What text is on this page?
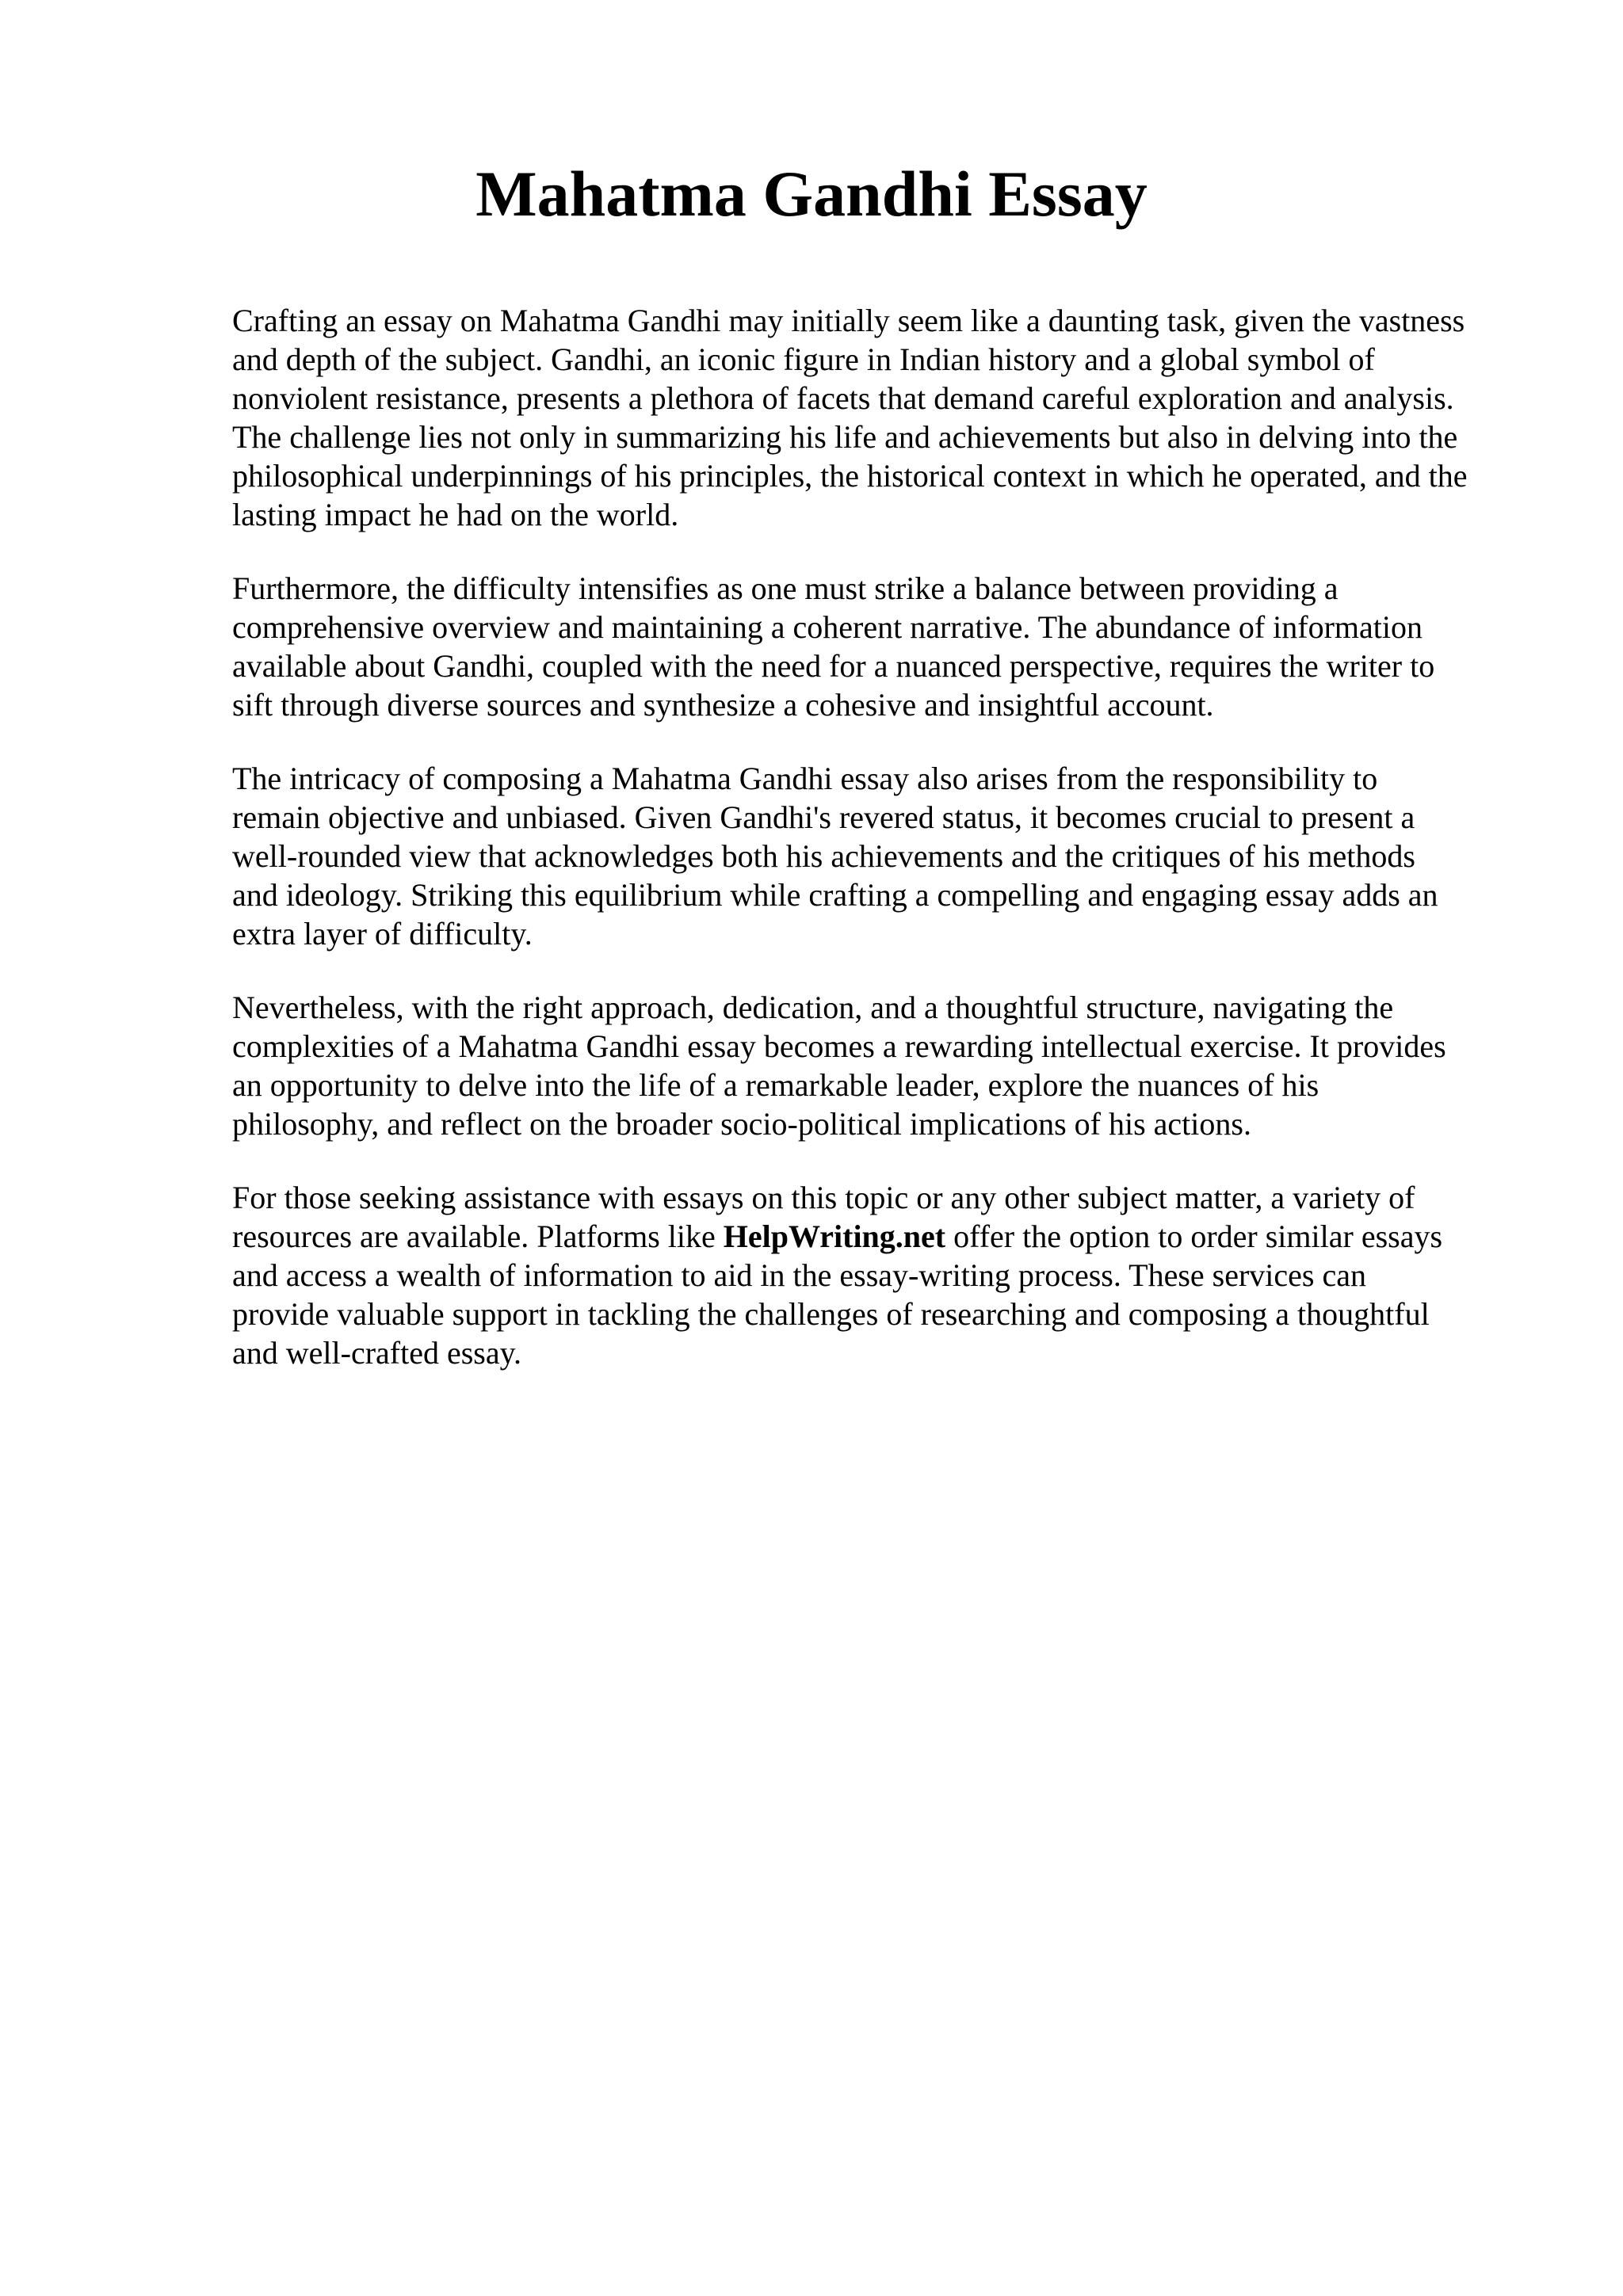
Mahatma Gandhi Essay

Crafting an essay on Mahatma Gandhi may initially seem like a daunting task, given the vastness
and depth of the subject. Gandhi, an iconic figure in Indian history and a global symbol of
nonviolent resistance, presents a plethora of facets that demand careful exploration and analysis.
The challenge lies not only in summarizing his life and achievements but also in delving into the
philosophical underpinnings of his principles, the historical context in which he operated, and the
lasting impact he had on the world.

Furthermore, the difficulty intensifies as one must strike a balance between providing a
comprehensive overview and maintaining a coherent narrative. The abundance of information
available about Gandhi, coupled with the need for a nuanced perspective, requires the writer to
sift through diverse sources and synthesize a cohesive and insightful account.

The intricacy of composing a Mahatma Gandhi essay also arises from the responsibility to
remain objective and unbiased. Given Gandhi's revered status, it becomes crucial to present a
well-rounded view that acknowledges both his achievements and the critiques of his methods
and ideology. Striking this equilibrium while crafting a compelling and engaging essay adds an
extra layer of difficulty.

Nevertheless, with the right approach, dedication, and a thoughtful structure, navigating the
complexities of a Mahatma Gandhi essay becomes a rewarding intellectual exercise. It provides
an opportunity to delve into the life of a remarkable leader, explore the nuances of his
philosophy, and reflect on the broader socio-political implications of his actions.

For those seeking assistance with essays on this topic or any other subject matter, a variety of
resources are available. Platforms like HelpWriting.net offer the option to order similar essays
and access a wealth of information to aid in the essay-writing process. These services can
provide valuable support in tackling the challenges of researching and composing a thoughtful
and well-crafted essay.
